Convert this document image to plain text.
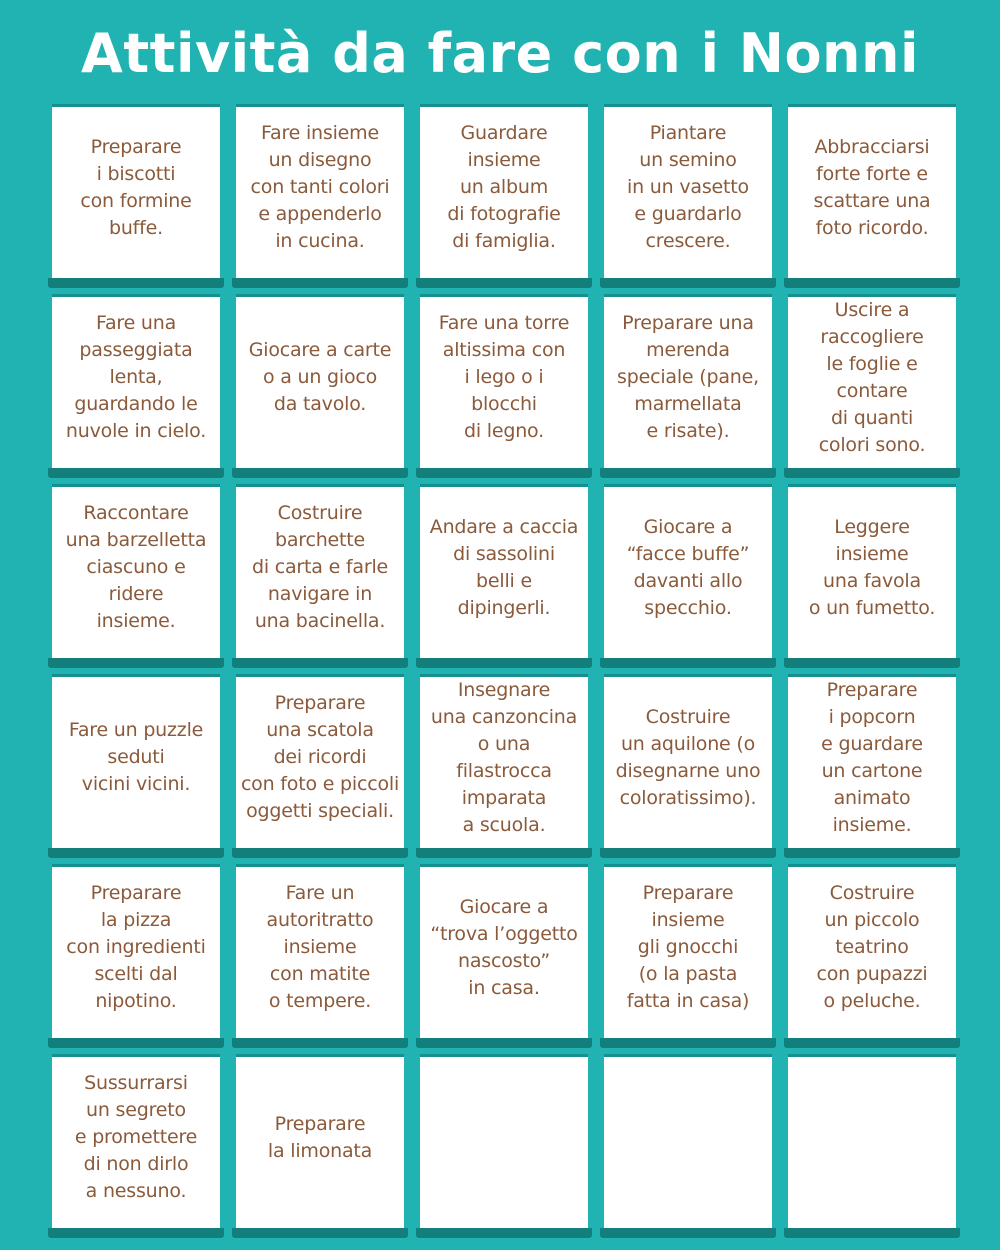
Attività da fare con i Nonni
Preparare
i biscotti
con formine
buffe.
Fare insieme
un disegno
con tanti colori
e appenderlo
in cucina.
Guardare
insieme
un album
di fotografie
di famiglia.
Piantare
un semino
in un vasetto
e guardarlo
crescere.
Abbracciarsi
forte forte e
scattare una
foto ricordo.
Fare una
passeggiata
lenta,
guardando le
nuvole in cielo.
Giocare a carte
o a un gioco
da tavolo.
Fare una torre
altissima con
i lego o i
blocchi
di legno.
Preparare una
merenda
speciale (pane,
marmellata
e risate).
Uscire a
raccogliere
le foglie e
contare
di quanti
colori sono.
Raccontare
una barzelletta
ciascuno e
ridere
insieme.
Costruire
barchette
di carta e farle
navigare in
una bacinella.
Andare a caccia
di sassolini
belli e
dipingerli.
Giocare a
“facce buffe”
davanti allo
specchio.
Leggere
insieme
una favola
o un fumetto.
Fare un puzzle
seduti
vicini vicini.
Preparare
una scatola
dei ricordi
con foto e piccoli
oggetti speciali.
Insegnare
una canzoncina
o una
filastrocca
imparata
a scuola.
Costruire
un aquilone (o
disegnarne uno
coloratissimo).
Preparare
i popcorn
e guardare
un cartone
animato
insieme.
Preparare
la pizza
con ingredienti
scelti dal
nipotino.
Fare un
autoritratto
insieme
con matite
o tempere.
Giocare a
“trova l’oggetto
nascosto”
in casa.
Preparare
insieme
gli gnocchi
(o la pasta
fatta in casa)
Costruire
un piccolo
teatrino
con pupazzi
o peluche.
Sussurrarsi
un segreto
e promettere
di non dirlo
a nessuno.
Preparare
la limonata
